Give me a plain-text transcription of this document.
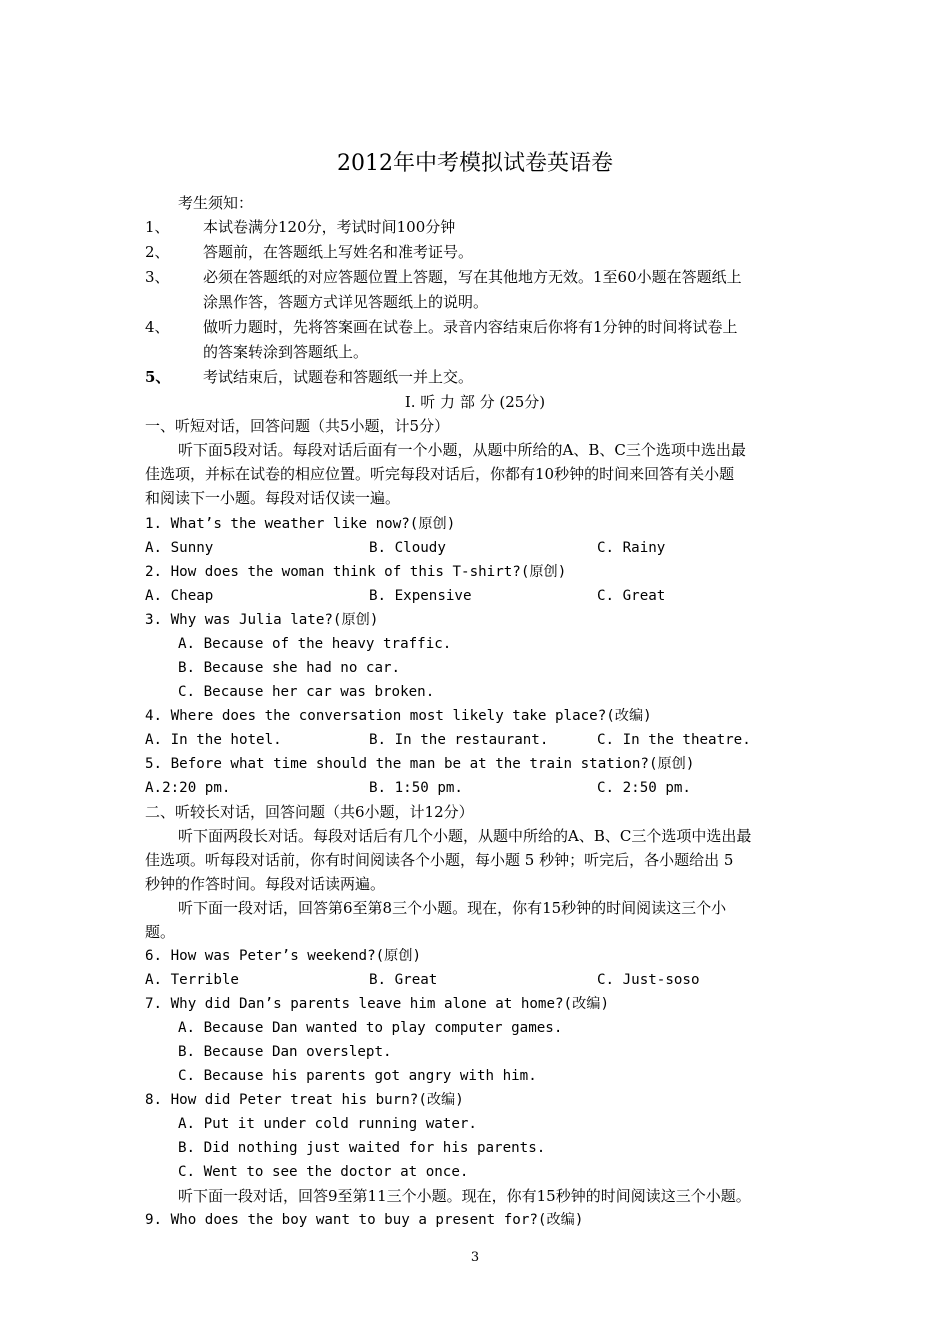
2012年中考模拟试卷英语卷
考生须知：
1、 本试卷满分120分，考试时间100分钟
2、 答题前，在答题纸上写姓名和准考证号。
3、 必须在答题纸的对应答题位置上答题，写在其他地方无效。1至60小题在答题纸上
涂黑作答，答题方式详见答题纸上的说明。
4、 做听力题时，先将答案画在试卷上。录音内容结束后你将有1分钟的时间将试卷上
的答案转涂到答题纸上。
5、 考试结束后，试题卷和答题纸一并上交。
Ⅰ. 听 力 部 分 (25分)
一、听短对话，回答问题（共5小题，计5分）
听下面5段对话。每段对话后面有一个小题，从题中所给的A、B、C三个选项中选出最
佳选项，并标在试卷的相应位置。听完每段对话后，你都有10秒钟的时间来回答有关小题
和阅读下一小题。每段对话仅读一遍。
1. What’s the weather like now?(原创)
A. Sunny	B. Cloudy	C. Rainy
2. How does the woman think of this T-shirt?(原创)
A. Cheap	B. Expensive	C. Great
3. Why was Julia late?(原创)
A. Because of the heavy traffic.
B. Because she had no car.
C. Because her car was broken.
4. Where does the conversation most likely take place?(改编)
A. In the hotel.	B. In the restaurant.	C. In the theatre.
5. Before what time should the man be at the train station?(原创)
A.2:20 pm.	B. 1:50 pm.	C. 2:50 pm.
二、听较长对话，回答问题（共6小题，计12分）
听下面两段长对话。每段对话后有几个小题，从题中所给的A、B、C三个选项中选出最
佳选项。听每段对话前，你有时间阅读各个小题，每小题 5 秒钟；听完后，各小题给出 5
秒钟的作答时间。每段对话读两遍。
听下面一段对话，回答第6至第8三个小题。现在，你有15秒钟的时间阅读这三个小
题。
6. How was Peter’s weekend?(原创)
A. Terrible	B. Great	C. Just-soso
7. Why did Dan’s parents leave him alone at home?(改编)
A. Because Dan wanted to play computer games.
B. Because Dan overslept.
C. Because his parents got angry with him.
8. How did Peter treat his burn?(改编)
A. Put it under cold running water.
B. Did nothing just waited for his parents.
C. Went to see the doctor at once.
听下面一段对话，回答9至第11三个小题。现在，你有15秒钟的时间阅读这三个小题。
9. Who does the boy want to buy a present for?(改编)
3
